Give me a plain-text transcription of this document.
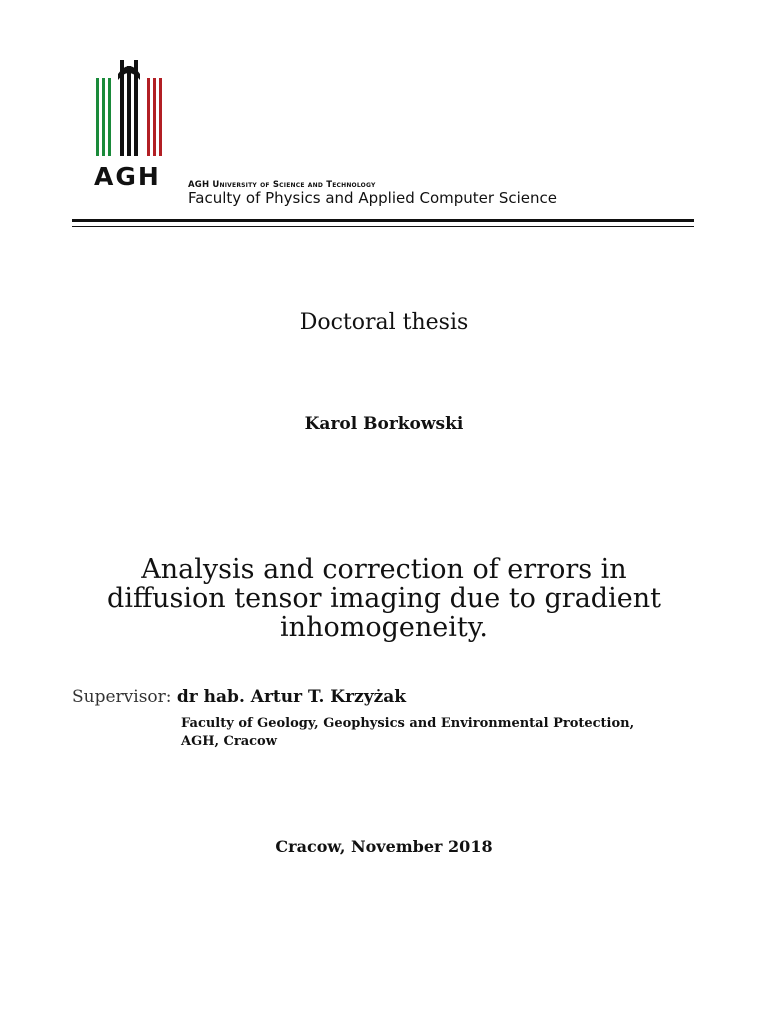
AGH	AGH University of Science and Technology
Faculty of Physics and Applied Computer Science
Doctoral thesis
Karol Borkowski
Analysis and correction of errors in
diffusion tensor imaging due to gradient
inhomogeneity.
Supervisor: dr hab. Artur T. Krzyżak
Faculty of Geology, Geophysics and Environmental Protection,
AGH, Cracow
Cracow, November 2018
